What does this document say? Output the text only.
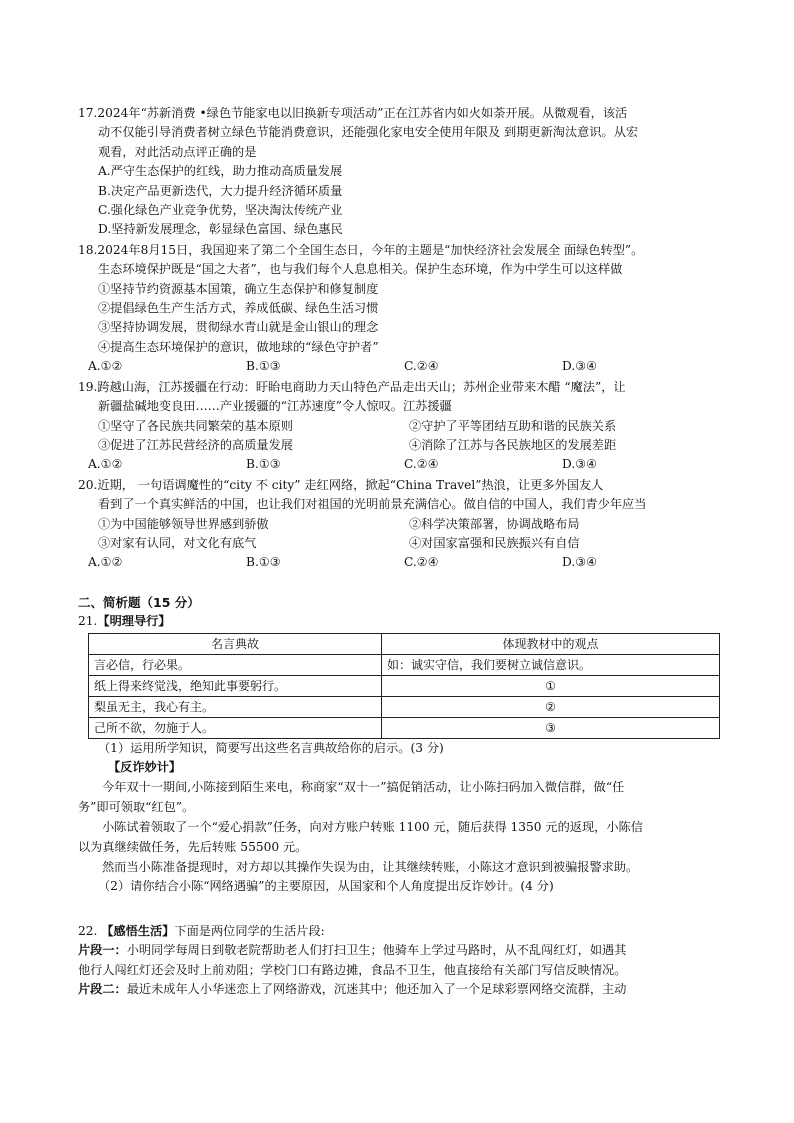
17.2024年“苏新消费 •绿色节能家电以旧换新专项活动”正在江苏省内如火如荼开展。从微观看，该活
动不仅能引导消费者树立绿色节能消费意识，还能强化家电安全使用年限及 到期更新淘汰意识。从宏
观看，对此活动点评正确的是
A.严守生态保护的红线，助力推动高质量发展
B.决定产品更新迭代，大力提升经济循环质量
C.强化绿色产业竞争优势，坚决淘汰传统产业
D.坚持新发展理念，彰显绿色富国、绿色惠民
18.2024年8月15日，我国迎来了第二个全国生态日，今年的主题是“加快经济社会发展全 面绿色转型”。
生态环境保护既是“国之大者”，也与我们每个人息息相关。保护生态环境，作为中学生可以这样做
①坚持节约资源基本国策，确立生态保护和修复制度
②提倡绿色生产生活方式，养成低碳、绿色生活习惯
③坚持协调发展，贯彻绿水青山就是金山银山的理念
④提高生态环境保护的意识，做地球的“绿色守护者”
A.①②	B.①③	C.②④	D.③④
19.跨越山海，江苏援疆在行动：盱眙电商助力天山特色产品走出天山；苏州企业带来木醋 “魔法”，让
新疆盐碱地变良田……产业援疆的“江苏速度”令人惊叹。江苏援疆
①坚守了各民族共同繁荣的基本原则	②守护了平等团结互助和谐的民族关系
③促进了江苏民营经济的高质量发展	④消除了江苏与各民族地区的发展差距
A.①②	B.①③	C.②④	D.③④
20.近期， 一句语调魔性的“city 不 city” 走红网络，掀起“China Travel”热浪，让更多外国友人
看到了一个真实鲜活的中国，也让我们对祖国的光明前景充满信心。做自信的中国人，我们青少年应当
①为中国能够领导世界感到骄傲	②科学决策部署，协调战略布局
③对家有认同，对文化有底气	④对国家富强和民族振兴有自信
A.①②	B.①③	C.②④	D.③④
二、简析题（15 分）
21.【明理导行】
名言典故	体现教材中的观点
言必信，行必果。	如：诚实守信，我们要树立诚信意识。
纸上得来终觉浅，绝知此事要躬行。	①
梨虽无主，我心有主。	②
己所不欲，勿施于人。	③
（1）运用所学知识，简要写出这些名言典故给你的启示。(3 分)
【反诈妙计】
今年双十一期间,小陈接到陌生来电，称商家“双十一”搞促销活动，让小陈扫码加入微信群，做“任
务”即可领取“红包”。
小陈试着领取了一个“爱心捐款”任务，向对方账户转账 1100 元，随后获得 1350 元的返现，小陈信
以为真继续做任务，先后转账 55500 元。
然而当小陈准备提现时，对方却以其操作失误为由，让其继续转账，小陈这才意识到被骗报警求助。
（2）请你结合小陈“网络遇骗”的主要原因，从国家和个人角度提出反诈妙计。(4 分)
22. 【感悟生活】下面是两位同学的生活片段:
片段一：小明同学每周日到敬老院帮助老人们打扫卫生；他骑车上学过马路时，从不乱闯红灯，如遇其
他行人闯红灯还会及时上前劝阻；学校门口有路边摊，食品不卫生，他直接给有关部门写信反映情况。
片段二：最近未成年人小华迷恋上了网络游戏，沉迷其中；他还加入了一个足球彩票网络交流群，主动
